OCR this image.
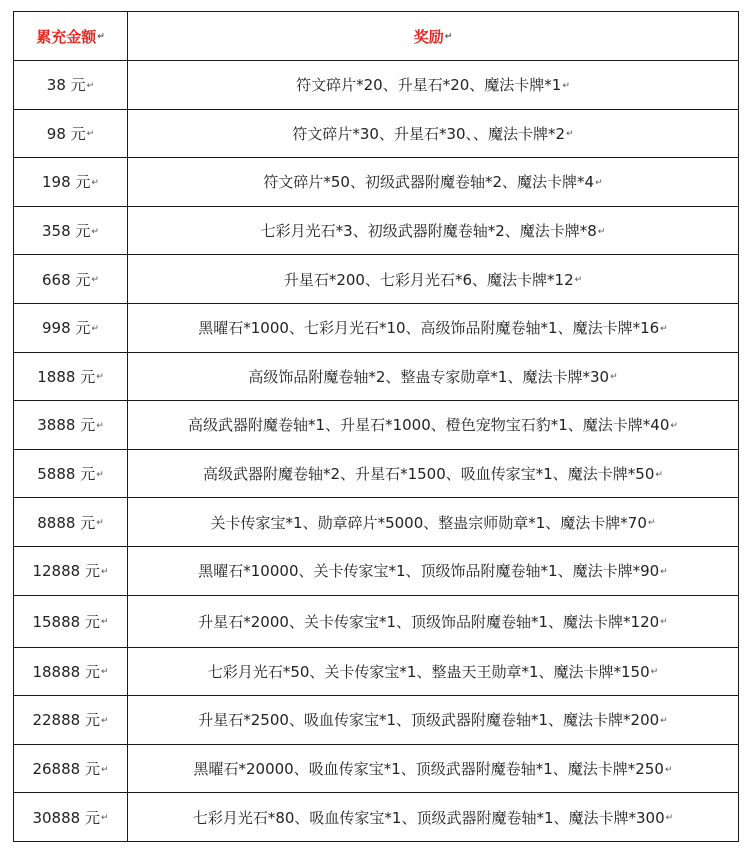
累充金额↵	奖励↵
38 元↵	符文碎片*20、升星石*20、魔法卡牌*1↵
98 元↵	符文碎片*30、升星石*30、、魔法卡牌*2↵
198 元↵	符文碎片*50、初级武器附魔卷轴*2、魔法卡牌*4↵
358 元↵	七彩月光石*3、初级武器附魔卷轴*2、魔法卡牌*8↵
668 元↵	升星石*200、七彩月光石*6、魔法卡牌*12↵
998 元↵	黑曜石*1000、七彩月光石*10、高级饰品附魔卷轴*1、魔法卡牌*16↵
1888 元↵	高级饰品附魔卷轴*2、整蛊专家勋章*1、魔法卡牌*30↵
3888 元↵	高级武器附魔卷轴*1、升星石*1000、橙色宠物宝石豹*1、魔法卡牌*40↵
5888 元↵	高级武器附魔卷轴*2、升星石*1500、吸血传家宝*1、魔法卡牌*50↵
8888 元↵	关卡传家宝*1、勋章碎片*5000、整蛊宗师勋章*1、魔法卡牌*70↵
12888 元↵	黑曜石*10000、关卡传家宝*1、顶级饰品附魔卷轴*1、魔法卡牌*90↵
15888 元↵	升星石*2000、关卡传家宝*1、顶级饰品附魔卷轴*1、魔法卡牌*120↵
18888 元↵	七彩月光石*50、关卡传家宝*1、整蛊天王勋章*1、魔法卡牌*150↵
22888 元↵	升星石*2500、吸血传家宝*1、顶级武器附魔卷轴*1、魔法卡牌*200↵
26888 元↵	黑曜石*20000、吸血传家宝*1、顶级武器附魔卷轴*1、魔法卡牌*250↵
30888 元↵	七彩月光石*80、吸血传家宝*1、顶级武器附魔卷轴*1、魔法卡牌*300↵
